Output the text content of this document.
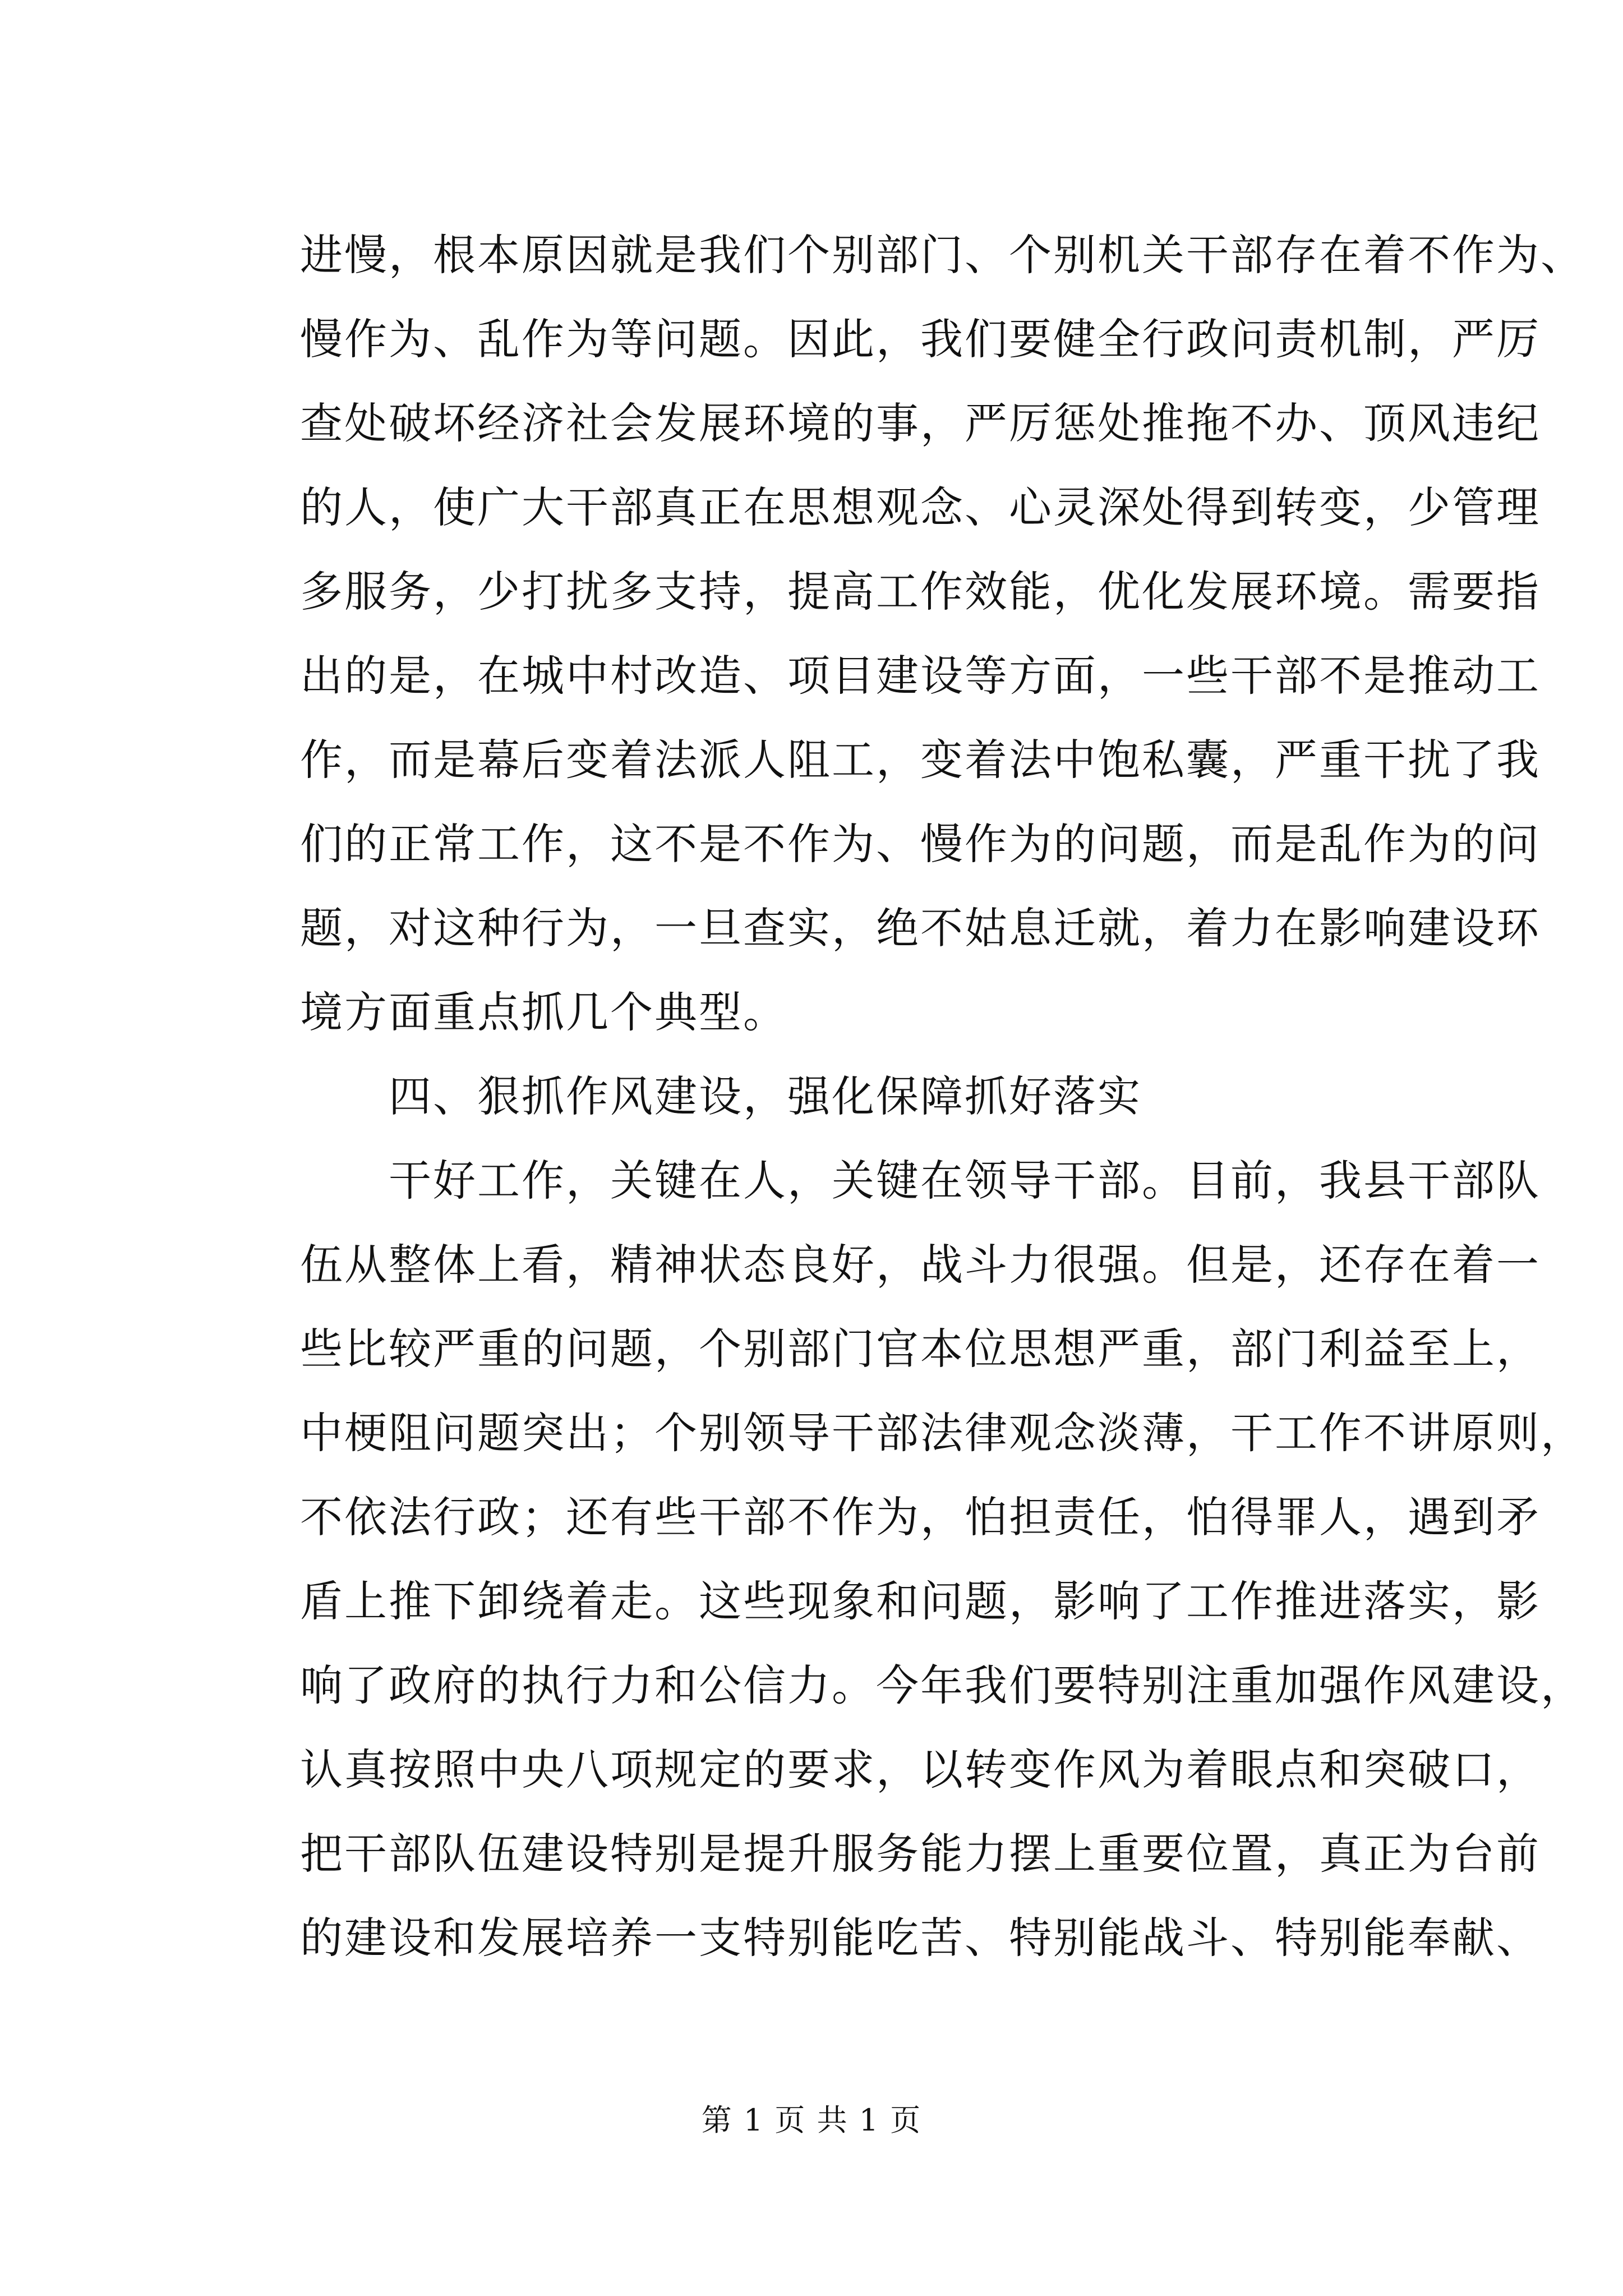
进慢，根本原因就是我们个别部门、个别机关干部存在着不作为、
慢作为、乱作为等问题。因此，我们要健全行政问责机制，严厉
查处破坏经济社会发展环境的事，严厉惩处推拖不办、顶风违纪
的人，使广大干部真正在思想观念、心灵深处得到转变，少管理
多服务，少打扰多支持，提高工作效能，优化发展环境。需要指
出的是，在城中村改造、项目建设等方面，一些干部不是推动工
作，而是幕后变着法派人阻工，变着法中饱私囊，严重干扰了我
们的正常工作，这不是不作为、慢作为的问题，而是乱作为的问
题，对这种行为，一旦查实，绝不姑息迁就，着力在影响建设环
境方面重点抓几个典型。
　　四、狠抓作风建设，强化保障抓好落实
　　干好工作，关键在人，关键在领导干部。目前，我县干部队
伍从整体上看，精神状态良好，战斗力很强。但是，还存在着一
些比较严重的问题，个别部门官本位思想严重，部门利益至上，
中梗阻问题突出；个别领导干部法律观念淡薄，干工作不讲原则，
不依法行政；还有些干部不作为，怕担责任，怕得罪人，遇到矛
盾上推下卸绕着走。这些现象和问题，影响了工作推进落实，影
响了政府的执行力和公信力。今年我们要特别注重加强作风建设，
认真按照中央八项规定的要求，以转变作风为着眼点和突破口，
把干部队伍建设特别是提升服务能力摆上重要位置，真正为台前
的建设和发展培养一支特别能吃苦、特别能战斗、特别能奉献、
第 1 页 共 1 页
